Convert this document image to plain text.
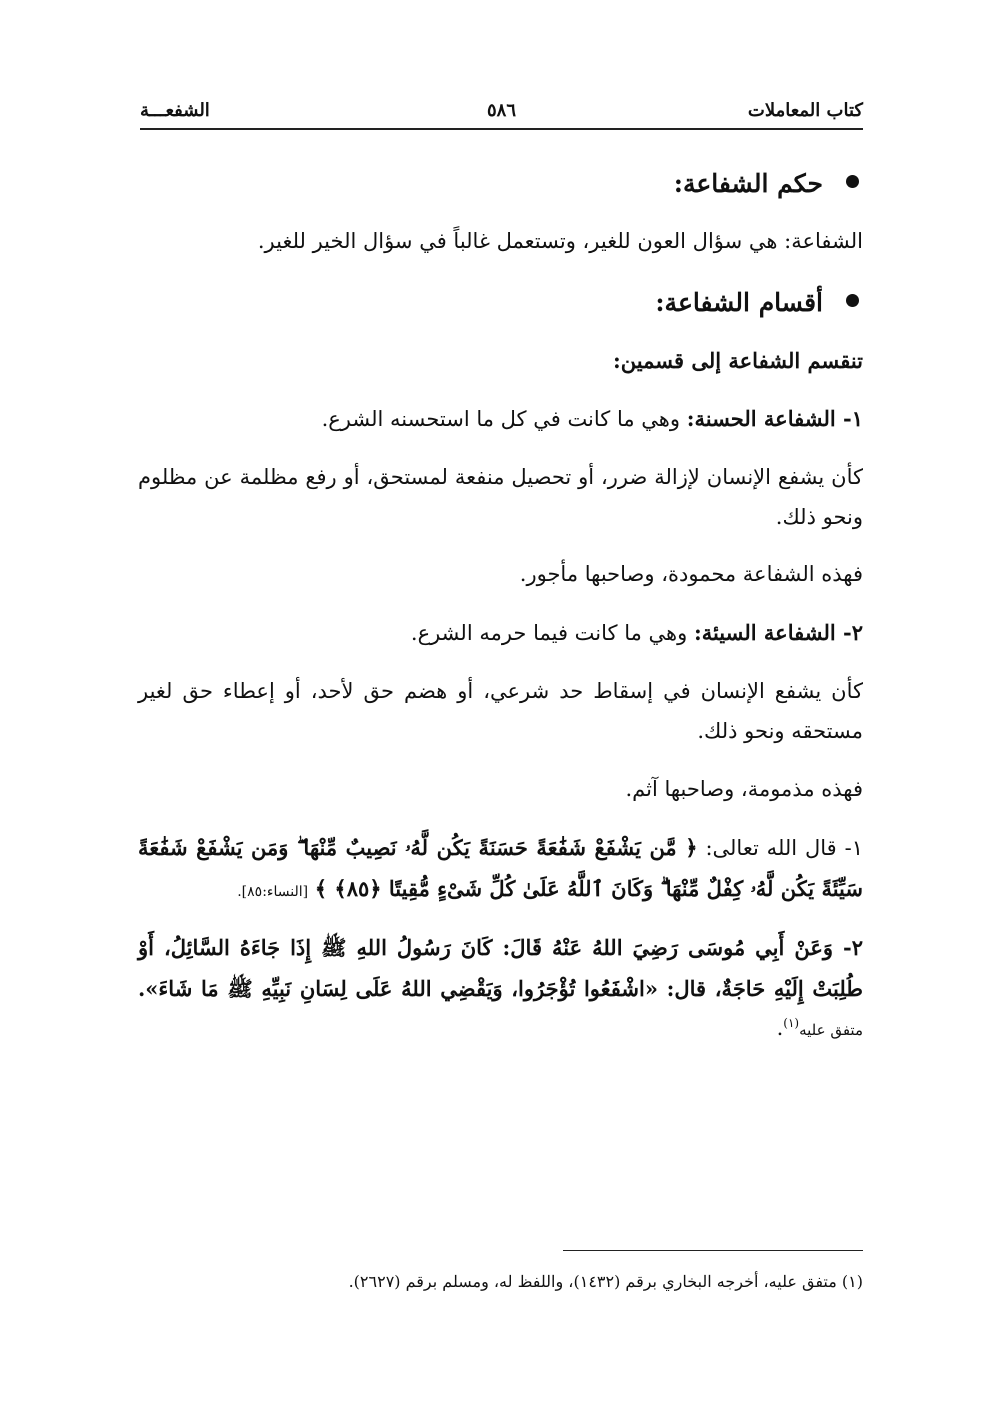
كتاب المعاملات
٥٨٦
الشفعـــة
حكم الشفاعة:

الشفاعة: هي سؤال العون للغير، وتستعمل غالباً في سؤال الخير للغير.

أقسام الشفاعة:

تنقسم الشفاعة إلى قسمين:

١- الشفاعة الحسنة: وهي ما كانت في كل ما استحسنه الشرع.

كأن يشفع الإنسان لإزالة ضرر، أو تحصيل منفعة لمستحق، أو رفع مظلمة عن مظلوم ونحو ذلك.

فهذه الشفاعة محمودة، وصاحبها مأجور.

٢- الشفاعة السيئة: وهي ما كانت فيما حرمه الشرع.

كأن يشفع الإنسان في إسقاط حد شرعي، أو هضم حق لأحد، أو إعطاء حق لغير مستحقه ونحو ذلك.

فهذه مذمومة، وصاحبها آثم.

١- قال الله تعالى: ﴿ مَّن يَشْفَعْ شَفَٰعَةً حَسَنَةً يَكُن لَّهُۥ نَصِيبٌ مِّنْهَا ۖ وَمَن يَشْفَعْ شَفَٰعَةً سَيِّئَةً يَكُن لَّهُۥ كِفْلٌ مِّنْهَا ۗ وَكَانَ ٱللَّهُ عَلَىٰ كُلِّ شَىْءٍ مُّقِيتًا ﴿٨٥﴾ ﴾ [النساء:٨٥].

٢- وَعَنْ أَبِي مُوسَى رَضِيَ اللهُ عَنْهُ قَالَ: كَانَ رَسُولُ اللهِ ﷺ إِذَا جَاءَهُ السَّائِلُ، أَوْ طُلِبَتْ إِلَيْهِ حَاجَةٌ، قال: «اشْفَعُوا تُؤْجَرُوا، وَيَقْضِي اللهُ عَلَى لِسَانِ نَبِيِّهِ ﷺ مَا شَاءَ». متفق عليه$^{(١)}$.

(١) متفق عليه، أخرجه البخاري برقم (١٤٣٢)، واللفظ له، ومسلم برقم (٢٦٢٧).
